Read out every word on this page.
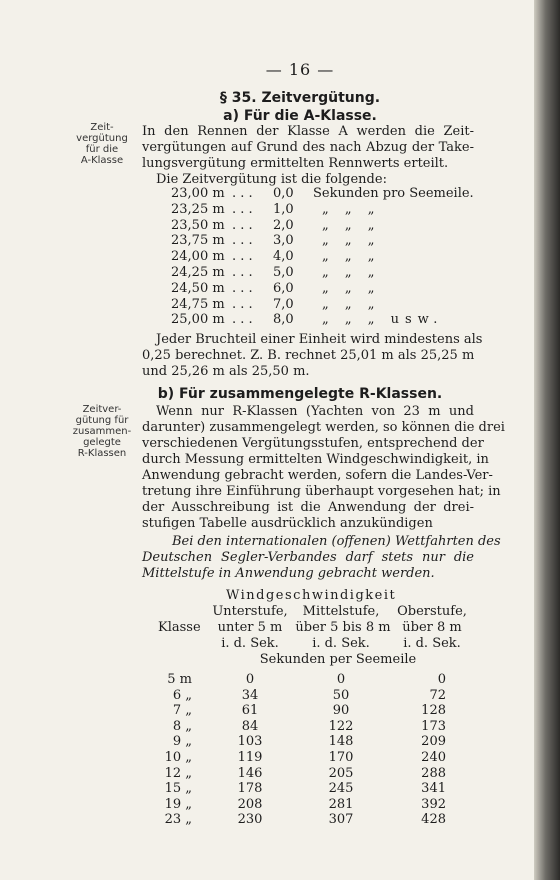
— 16 —
§ 35. Zeitvergütung.
a) Für die A-Klasse.
Zeit-
vergütung
für die
A-Klasse
In den Rennen der Klasse A werden die Zeit-
vergütungen auf Grund des nach Abzug der Take-
lungsvergütung ermittelten Rennwerts erteilt.
Die Zeitvergütung ist die folgende:
23,00 m . . . 0,0 Sekunden pro Seemeile.
23,25 m . . . 1,0 „ „ „
23,50 m . . . 2,0 „ „ „
23,75 m . . . 3,0 „ „ „
24,00 m . . . 4,0 „ „ „
24,25 m . . . 5,0 „ „ „
24,50 m . . . 6,0 „ „ „
24,75 m . . . 7,0 „ „ „
25,00 m . . . 8,0 „ „ „ usw.
Jeder Bruchteil einer Einheit wird mindestens als
0,25 berechnet. Z. B. rechnet 25,01 m als 25,25 m
und 25,26 m als 25,50 m.
b) Für zusammengelegte R-Klassen.
Zeitver-
gütung für
zusammen-
gelegte
R-Klassen
Wenn nur R-Klassen (Yachten von 23 m und
darunter) zusammengelegt werden, so können die drei
verschiedenen Vergütungsstufen, entsprechend der
durch Messung ermittelten Windgeschwindigkeit, in
Anwendung gebracht werden, sofern die Landes-Ver-
tretung ihre Einführung überhaupt vorgesehen hat; in
der Ausschreibung ist die Anwendung der drei-
stufigen Tabelle ausdrücklich anzukündigen
Bei den internationalen (offenen) Wettfahrten des
Deutschen Segler-Verbandes darf stets nur die
Mittelstufe in Anwendung gebracht werden.
Windgeschwindigkeit
Unterstufe, Mittelstufe, Oberstufe,
Klasse unter 5 m über 5 bis 8 m über 8 m
i. d. Sek.	i. d. Sek.	i. d. Sek.
Sekunden per Seemeile
5 m	0	0	0
6 „	34	50	72
7 „	61	90	128
8 „	84	122	173
9 „	103	148	209
10 „	119	170	240
12 „	146	205	288
15 „	178	245	341
19 „	208	281	392
23 „	230	307	428
